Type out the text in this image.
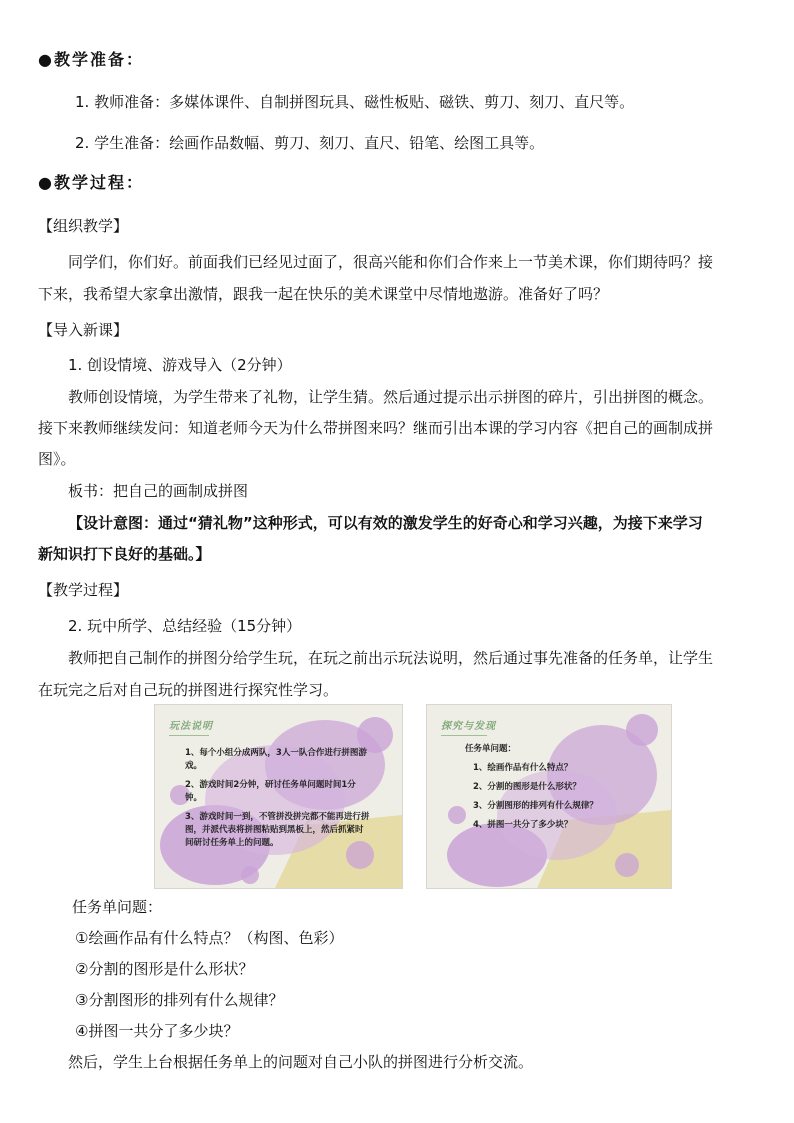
●教学准备：
1. 教师准备：多媒体课件、自制拼图玩具、磁性板贴、磁铁、剪刀、刻刀、直尺等。
2. 学生准备：绘画作品数幅、剪刀、刻刀、直尺、铅笔、绘图工具等。
●教学过程：
【组织教学】
同学们，你们好。前面我们已经见过面了，很高兴能和你们合作来上一节美术课，你们期待吗？接
下来，我希望大家拿出激情，跟我一起在快乐的美术课堂中尽情地遨游。准备好了吗？
【导入新课】
1. 创设情境、游戏导入（2分钟）
教师创设情境，为学生带来了礼物，让学生猜。然后通过提示出示拼图的碎片，引出拼图的概念。
接下来教师继续发问：知道老师今天为什么带拼图来吗？继而引出本课的学习内容《把自己的画制成拼
图》。
板书：把自己的画制成拼图
【设计意图：通过“猜礼物”这种形式，可以有效的激发学生的好奇心和学习兴趣，为接下来学习
新知识打下良好的基础。】
【教学过程】
2. 玩中所学、总结经验（15分钟）
教师把自己制作的拼图分给学生玩，在玩之前出示玩法说明，然后通过事先准备的任务单，让学生
在玩完之后对自己玩的拼图进行探究性学习。
玩法说明
1、每个小组分成两队，3人一队合作进行拼图游戏。
2、游戏时间2分钟，研讨任务单问题时间1分钟。
3、游戏时间一到，不管拼没拼完都不能再进行拼图，并派代表将拼图粘贴到黑板上，然后抓紧时间研讨任务单上的问题。
探究与发现
任务单问题：
1、绘画作品有什么特点？
2、分割的图形是什么形状？
3、分割图形的排列有什么规律？
4、拼图一共分了多少块？
任务单问题：
①绘画作品有什么特点？（构图、色彩）
②分割的图形是什么形状？
③分割图形的排列有什么规律？
④拼图一共分了多少块？
然后，学生上台根据任务单上的问题对自己小队的拼图进行分析交流。
